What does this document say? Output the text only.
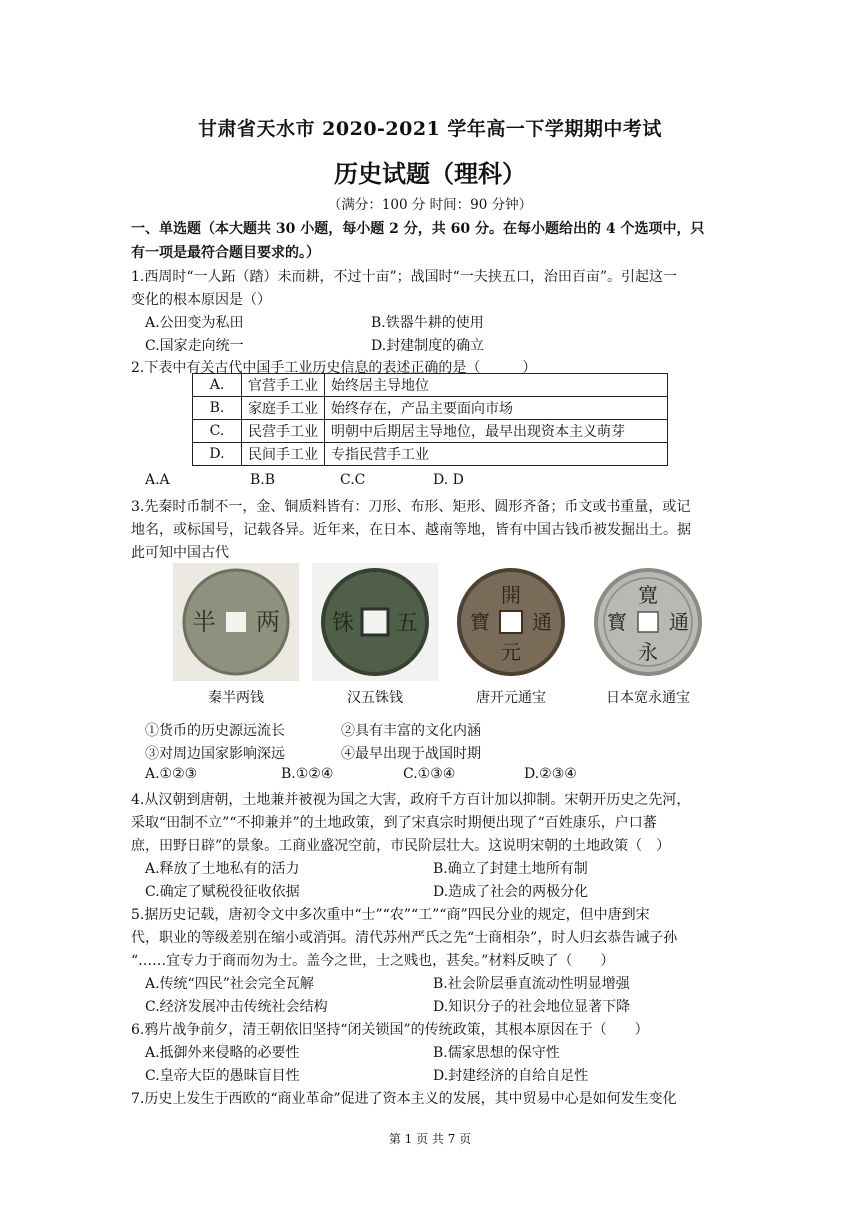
甘肃省天水市 2020-2021 学年高一下学期期中考试
历史试题（理科）
（满分：100 分 时间：90 分钟）
一、单选题（本大题共 30 小题，每小题 2 分，共 60 分。在每小题给出的 4 个选项中，只
有一项是最符合题目要求的。）
1.西周时“一人跖（踏）未而耕，不过十亩”；战国时“一夫挟五口，治田百亩”。引起这一
变化的根本原因是（）
A.公田变为私田	B.铁器牛耕的使用
C.国家走向统一	D.封建制度的确立
2.下表中有关古代中国手工业历史信息的表述正确的是（　　　）
A.	官营手工业	始终居主导地位
B.	家庭手工业	始终存在，产品主要面向市场
C.	民营手工业	明朝中后期居主导地位，最早出现资本主义萌芽
D.	民间手工业	专指民营手工业
A.A	B.B	C.C	D. D
3.先秦时币制不一，金、铜质料皆有：刀形、布形、矩形、圆形齐备；币文或书重量，或记
地名，或标国号，记载各异。近年来，在日本、越南等地，皆有中国古钱币被发掘出土。据
此可知中国古代
半 两 铢 五
開
通
元
寶
寛
通
永
寳
秦半两钱	汉五铢钱	唐开元通宝	日本宽永通宝
①货币的历史源远流长	②具有丰富的文化内涵
③对周边国家影响深远	④最早出现于战国时期
A.①②③	B.①②④	C.①③④	D.②③④
4.从汉朝到唐朝，土地兼并被视为国之大害，政府千方百计加以抑制。宋朝开历史之先河，
采取“田制不立”“不抑兼并”的土地政策，到了宋真宗时期便出现了“百姓康乐，户口蕃
庶，田野日辟”的景象。工商业盛况空前，市民阶层壮大。这说明宋朝的土地政策（　）
A.释放了土地私有的活力	B.确立了封建土地所有制
C.确定了赋税役征收依据	D.造成了社会的两极分化
5.据历史记载，唐初令文中多次重中“士”“农”“工”“商”四民分业的规定，但中唐到宋
代，职业的等级差别在缩小或消弭。清代苏州严氏之先“士商相杂”，时人归玄恭告诫子孙
“……宜专力于商而勿为士。盖今之世，士之贱也，甚矣。”材料反映了（　　）
A.传统“四民”社会完全瓦解	B.社会阶层垂直流动性明显增强
C.经济发展冲击传统社会结构	D.知识分子的社会地位显著下降
6.鸦片战争前夕，清王朝依旧坚持“闭关锁国”的传统政策，其根本原因在于（　　）
A.抵御外来侵略的必要性	B.儒家思想的保守性
C.皇帝大臣的愚昧盲目性	D.封建经济的自给自足性
7.历史上发生于西欧的“商业革命”促进了资本主义的发展，其中贸易中心是如何发生变化
第 1 页 共 7 页
